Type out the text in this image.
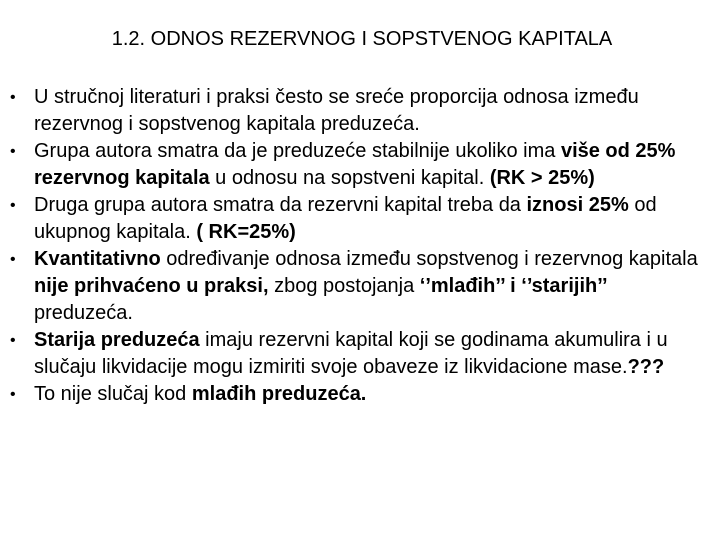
1.2. ODNOS REZERVNOG I SOPSTVENOG KAPITALA
• U stručnoj literaturi i praksi često se sreće proporcija odnosa između rezervnog i sopstvenog kapitala preduzeća.
• Grupa autora smatra da je preduzeće stabilnije ukoliko ima više od 25% rezervnog kapitala u odnosu na sopstveni kapital. (RK > 25%)
• Druga grupa autora smatra da rezervni kapital treba da iznosi 25% od ukupnog kapitala. ( RK=25%)
• Kvantitativno određivanje odnosa između sopstvenog i rezervnog kapitala nije prihvaćeno u praksi, zbog postojanja ‘’mlađih’’ i ‘’starijih’’ preduzeća.
• Starija preduzeća imaju rezervni kapital koji se godinama akumulira i u slučaju likvidacije mogu izmiriti svoje obaveze iz likvidacione mase.???
• To nije slučaj kod mlađih preduzeća.
